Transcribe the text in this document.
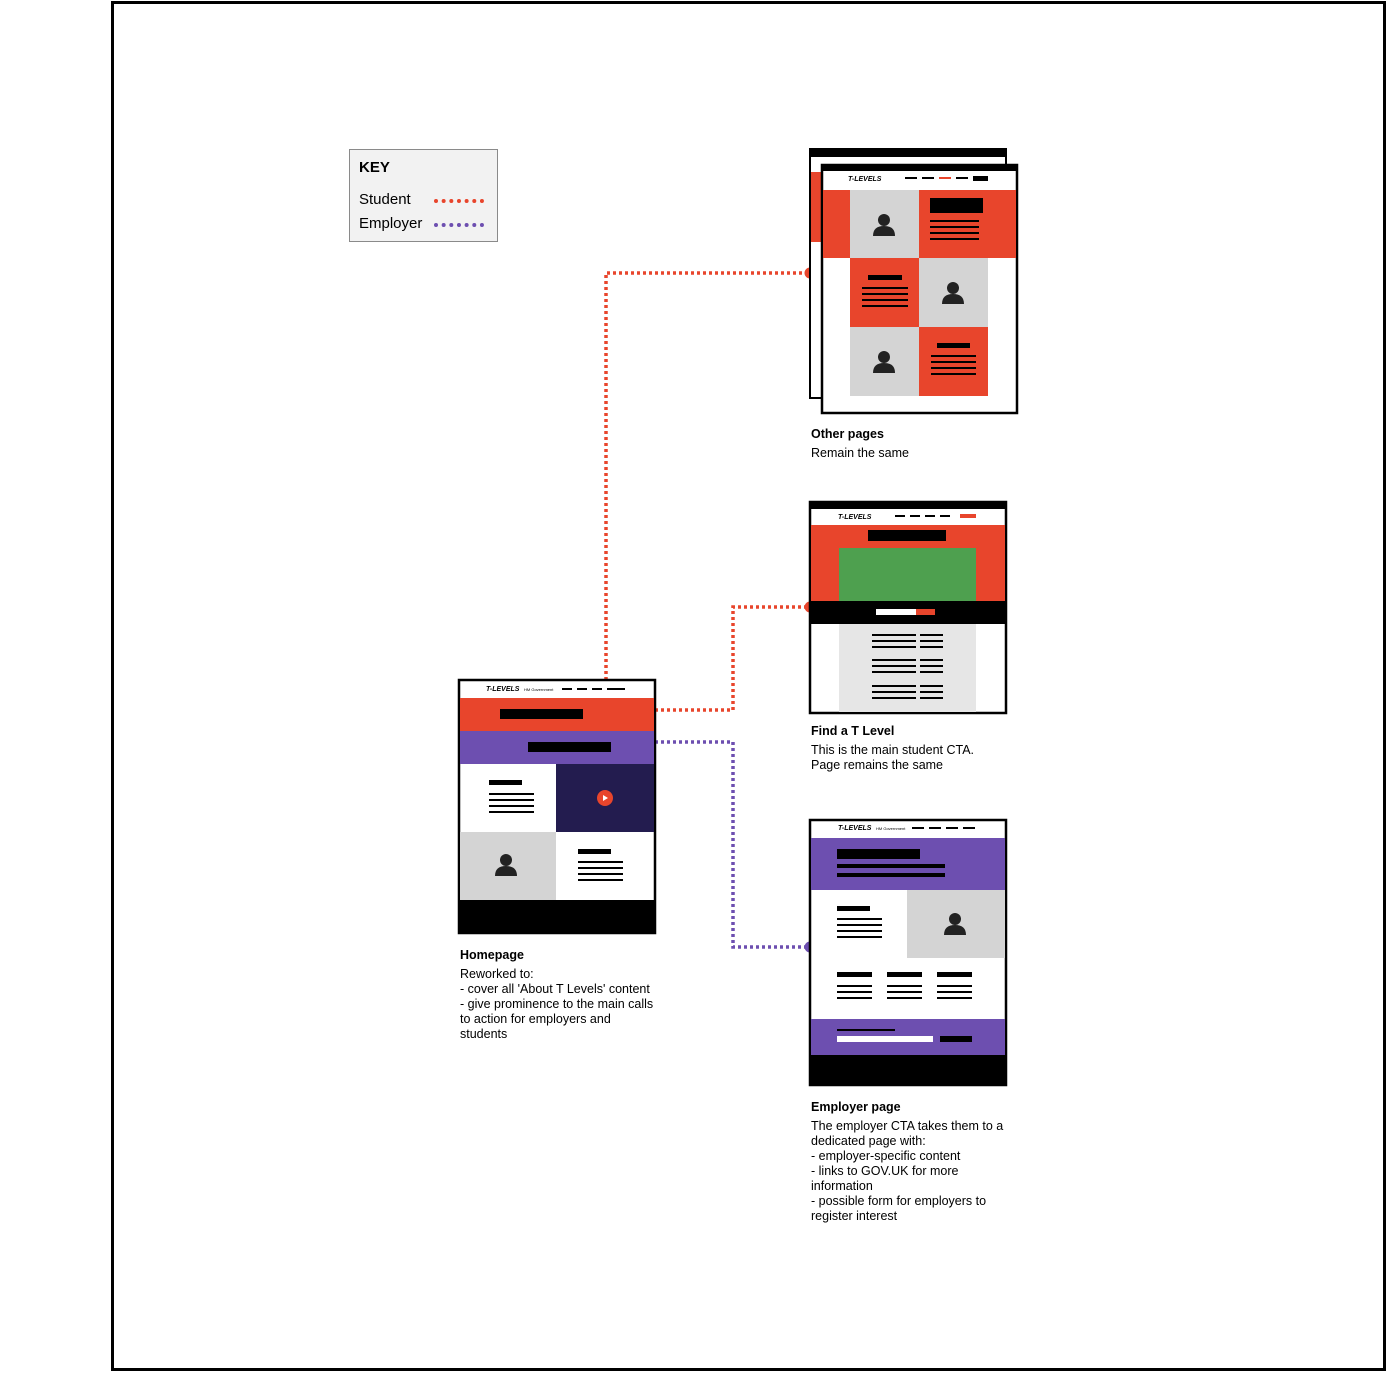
KEY
Student
Employer
T-LEVELS
T-LEVELS
T-LEVELS HM Government
T-LEVELS HM Government
Other pages
Remain the same
Find a T Level
This is the main student CTA.
Page remains the same
Homepage
Reworked to:
- cover all 'About T Levels' content
- give prominence to the main calls
to action for employers and
students
Employer page
The employer CTA takes them to a
dedicated page with:
- employer-specific content
- links to GOV.UK for more
information
- possible form for employers to
register interest
